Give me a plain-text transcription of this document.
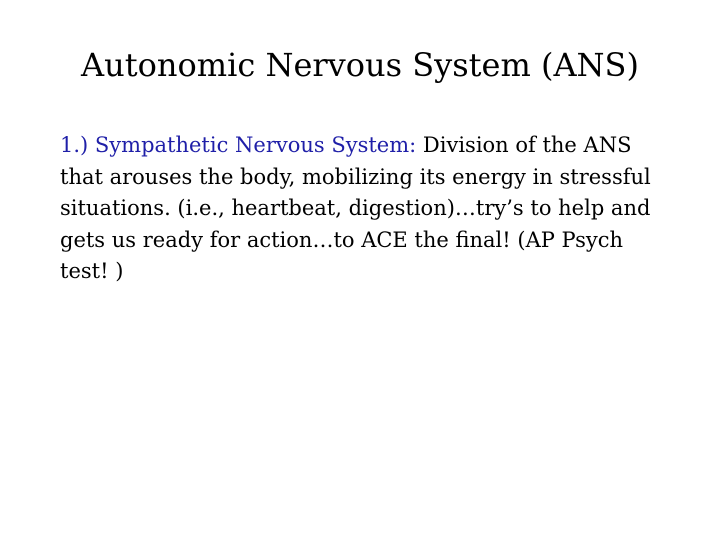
Autonomic Nervous System (ANS)

1.) Sympathetic Nervous System: Division of the ANS that arouses the body, mobilizing its energy in stressful situations. (i.e., heartbeat, digestion)…try’s to help and gets us ready for action…to ACE the final! (AP Psych test! )
